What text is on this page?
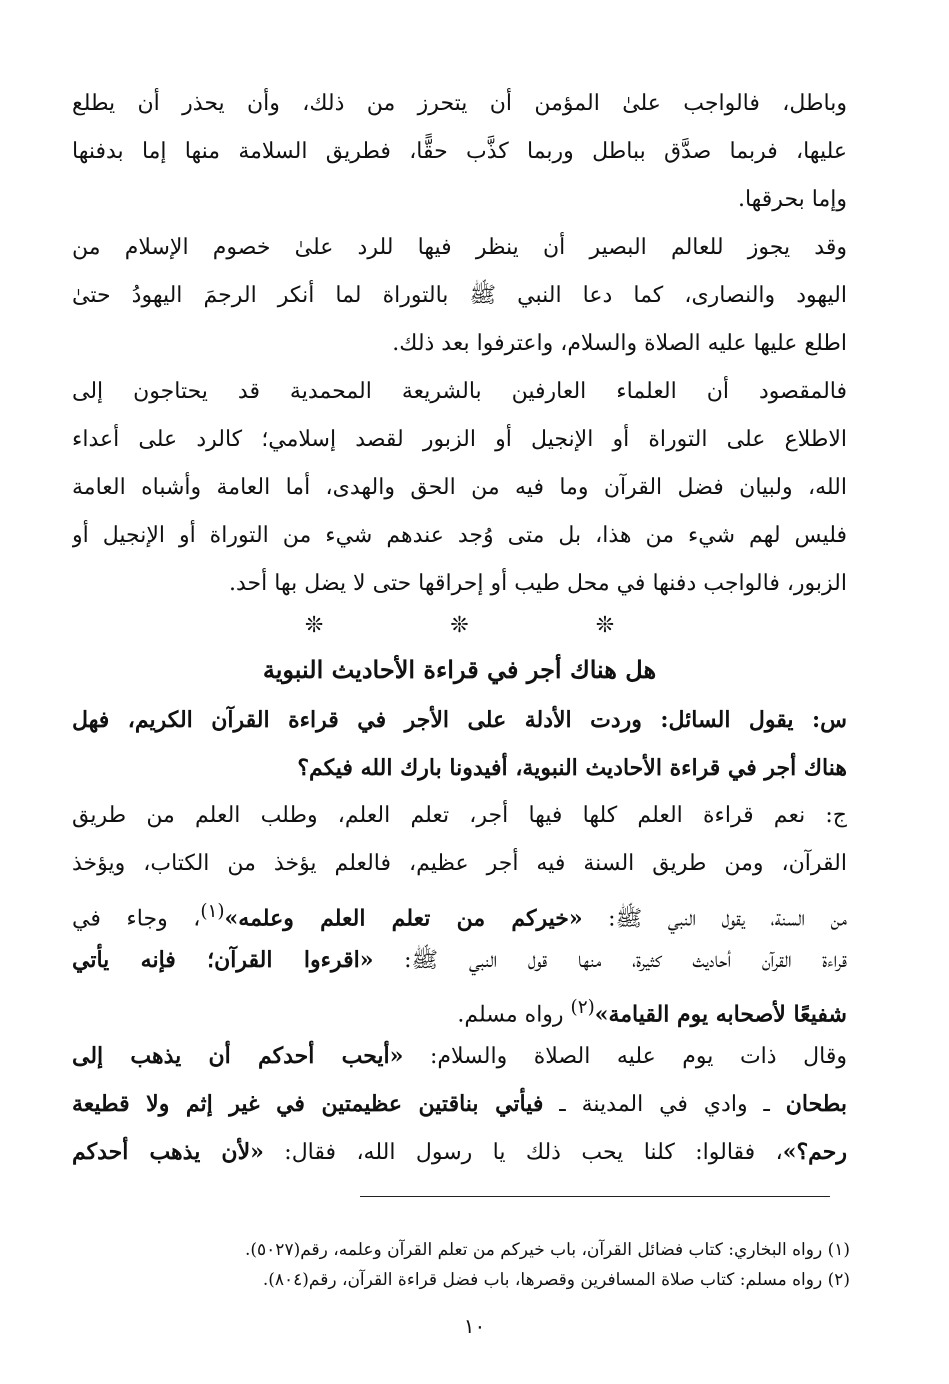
وباطل، فالواجب علىٰ المؤمن أن يتحرز من ذلك، وأن يحذر أن يطلع
عليها، فربما صدَّق بباطل وربما كذَّب حقًّا، فطريق السلامة منها إما بدفنها
وإما بحرقها.
وقد يجوز للعالم البصير أن ينظر فيها للرد علىٰ خصوم الإسلام من
اليهود والنصارى، كما دعا النبي ﷺ بالتوراة لما أنكر الرجمَ اليهودُ حتىٰ
اطلع عليها عليه الصلاة والسلام، واعترفوا بعد ذلك.
فالمقصود أن العلماء العارفين بالشريعة المحمدية قد يحتاجون إلى
الاطلاع على التوراة أو الإنجيل أو الزبور لقصد إسلامي؛ كالرد على أعداء
الله، ولبيان فضل القرآن وما فيه من الحق والهدى، أما العامة وأشباه العامة
فليس لهم شيء من هذا، بل متى وُجد عندهم شيء من التوراة أو الإنجيل أو
الزبور، فالواجب دفنها في محل طيب أو إحراقها حتى لا يضل بها أحد.
❊ ❊ ❊
هل هناك أجر في قراءة الأحاديث النبوية
س: يقول السائل: وردت الأدلة على الأجر في قراءة القرآن الكريم، فهل
هناك أجر في قراءة الأحاديث النبوية، أفيدونا بارك الله فيكم؟
ج: نعم قراءة العلم كلها فيها أجر، تعلم العلم، وطلب العلم من طريق
القرآن، ومن طريق السنة فيه أجر عظيم، فالعلم يؤخذ من الكتاب، ويؤخذ
من السنة، يقول النبي ﷺ: «خيركم من تعلم العلم وعلمه»$^{(١)}$، وجاء في
قراءة القرآن أحاديث كثيرة، منها قول النبي ﷺ: «اقرءوا القرآن؛ فإنه يأتي
شفيعًا لأصحابه يوم القيامة»$^{(٢)}$ رواه مسلم.
وقال ذات يوم عليه الصلاة والسلام: «أيحب أحدكم أن يذهب إلى
بطحان ـ وادي في المدينة ـ فيأتي بناقتين عظيمتين في غير إثم ولا قطيعة
رحم؟»، فقالوا: كلنا يحب ذلك يا رسول الله، فقال: «لأن يذهب أحدكم
(١) رواه البخاري: كتاب فضائل القرآن، باب خيركم من تعلم القرآن وعلمه، رقم(٥٠٢٧).
(٢) رواه مسلم: كتاب صلاة المسافرين وقصرها، باب فضل قراءة القرآن، رقم(٨٠٤).
١٠
